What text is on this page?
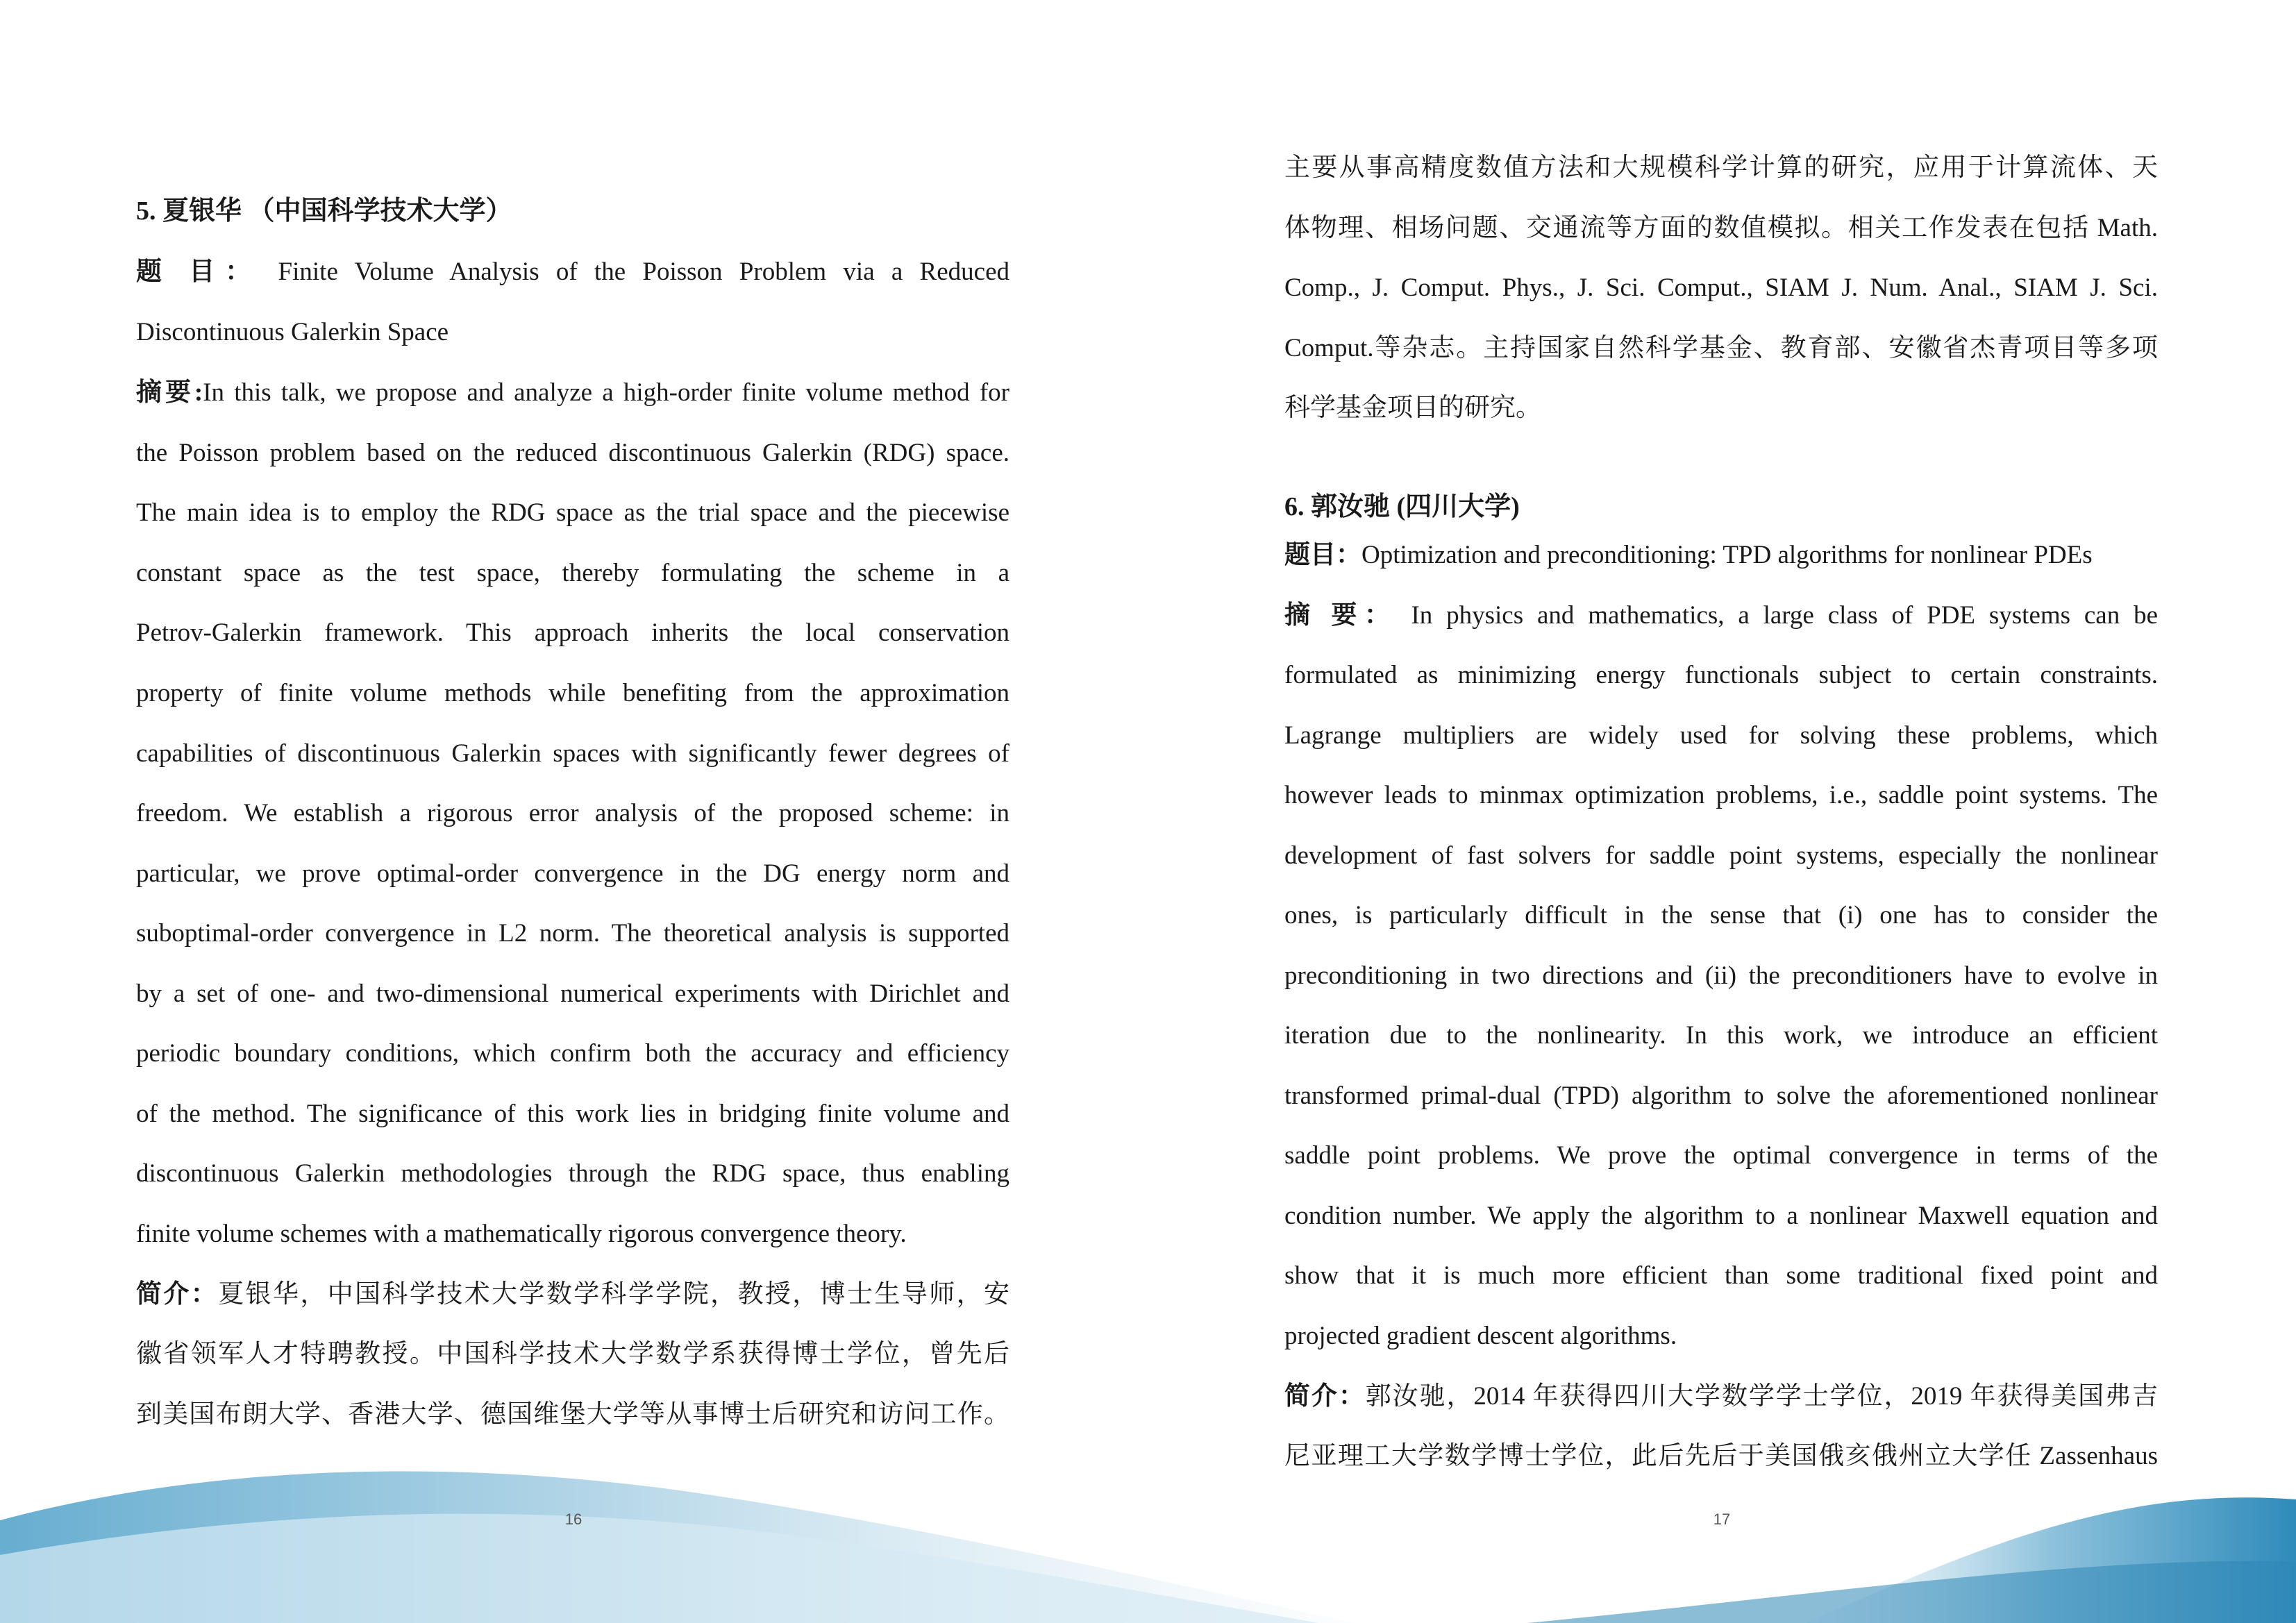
5. 夏银华 （中国科学技术大学）
题 目： Finite Volume Analysis of the Poisson Problem via a Reduced
Discontinuous Galerkin Space
摘要:In this talk, we propose and analyze a high-order finite volume method for
the Poisson problem based on the reduced discontinuous Galerkin (RDG) space.
The main idea is to employ the RDG space as the trial space and the piecewise
constant space as the test space, thereby formulating the scheme in a
Petrov-Galerkin framework. This approach inherits the local conservation
property of finite volume methods while benefiting from the approximation
capabilities of discontinuous Galerkin spaces with significantly fewer degrees of
freedom. We establish a rigorous error analysis of the proposed scheme: in
particular, we prove optimal-order convergence in the DG energy norm and
suboptimal-order convergence in L2 norm. The theoretical analysis is supported
by a set of one- and two-dimensional numerical experiments with Dirichlet and
periodic boundary conditions, which confirm both the accuracy and efficiency
of the method. The significance of this work lies in bridging finite volume and
discontinuous Galerkin methodologies through the RDG space, thus enabling
finite volume schemes with a mathematically rigorous convergence theory.
简介：夏银华，中国科学技术大学数学科学学院，教授，博士生导师，安
徽省领军人才特聘教授。中国科学技术大学数学系获得博士学位，曾先后
到美国布朗大学、香港大学、德国维堡大学等从事博士后研究和访问工作。
16
主要从事高精度数值方法和大规模科学计算的研究，应用于计算流体、天
体物理、相场问题、交通流等方面的数值模拟。相关工作发表在包括 Math.
Comp., J. Comput. Phys., J. Sci. Comput., SIAM J. Num. Anal., SIAM J. Sci.
Comput.等杂志。主持国家自然科学基金、教育部、安徽省杰青项目等多项
科学基金项目的研究。
6. 郭汝驰 (四川大学)
题目：Optimization and preconditioning: TPD algorithms for nonlinear PDEs
摘 要： In physics and mathematics, a large class of PDE systems can be
formulated as minimizing energy functionals subject to certain constraints.
Lagrange multipliers are widely used for solving these problems, which
however leads to minmax optimization problems, i.e., saddle point systems. The
development of fast solvers for saddle point systems, especially the nonlinear
ones, is particularly difficult in the sense that (i) one has to consider the
preconditioning in two directions and (ii) the preconditioners have to evolve in
iteration due to the nonlinearity. In this work, we introduce an efficient
transformed primal-dual (TPD) algorithm to solve the aforementioned nonlinear
saddle point problems. We prove the optimal convergence in terms of the
condition number. We apply the algorithm to a nonlinear Maxwell equation and
show that it is much more efficient than some traditional fixed point and
projected gradient descent algorithms.
简介：郭汝驰，2014 年获得四川大学数学学士学位，2019 年获得美国弗吉
尼亚理工大学数学博士学位，此后先后于美国俄亥俄州立大学任 Zassenhaus
17
